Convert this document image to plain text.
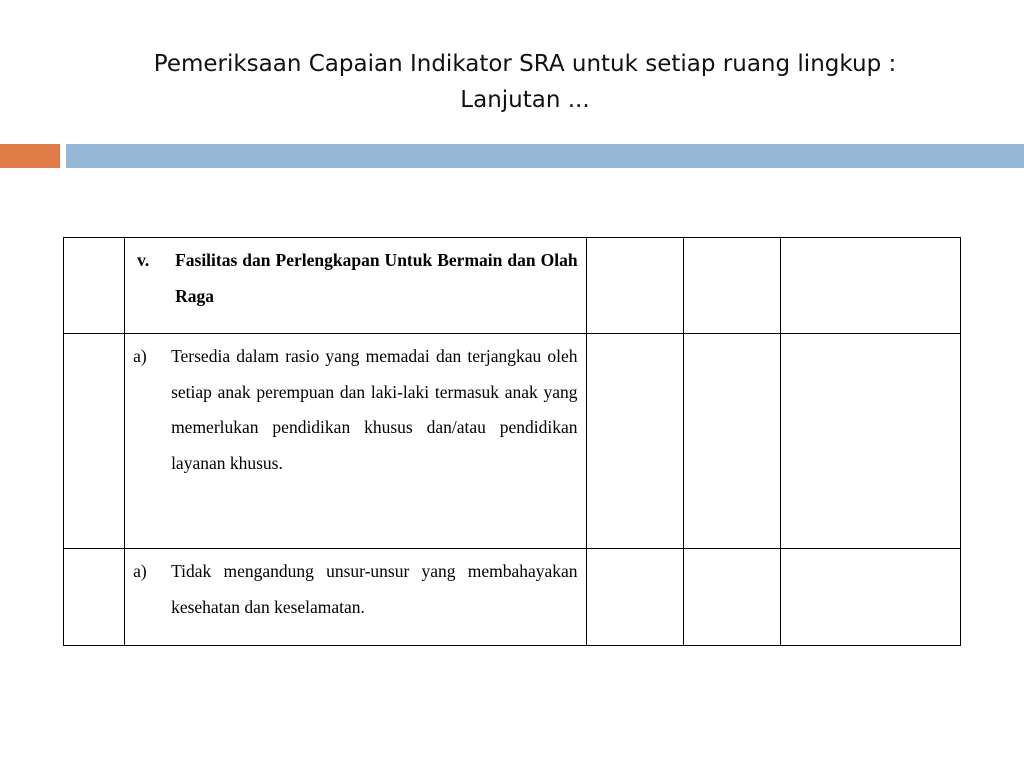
Pemeriksaan Capaian Indikator SRA untuk setiap ruang lingkup :
Lanjutan ...

	v. Fasilitas dan Perlengkapan Untuk Bermain dan Olah Raga			

	a) Tersedia dalam rasio yang memadai dan terjangkau oleh setiap anak perempuan dan laki-laki termasuk anak yang memerlukan pendidikan khusus dan/atau pendidikan layanan khusus.			

	a) Tidak mengandung unsur-unsur yang membahayakan kesehatan dan keselamatan.			
